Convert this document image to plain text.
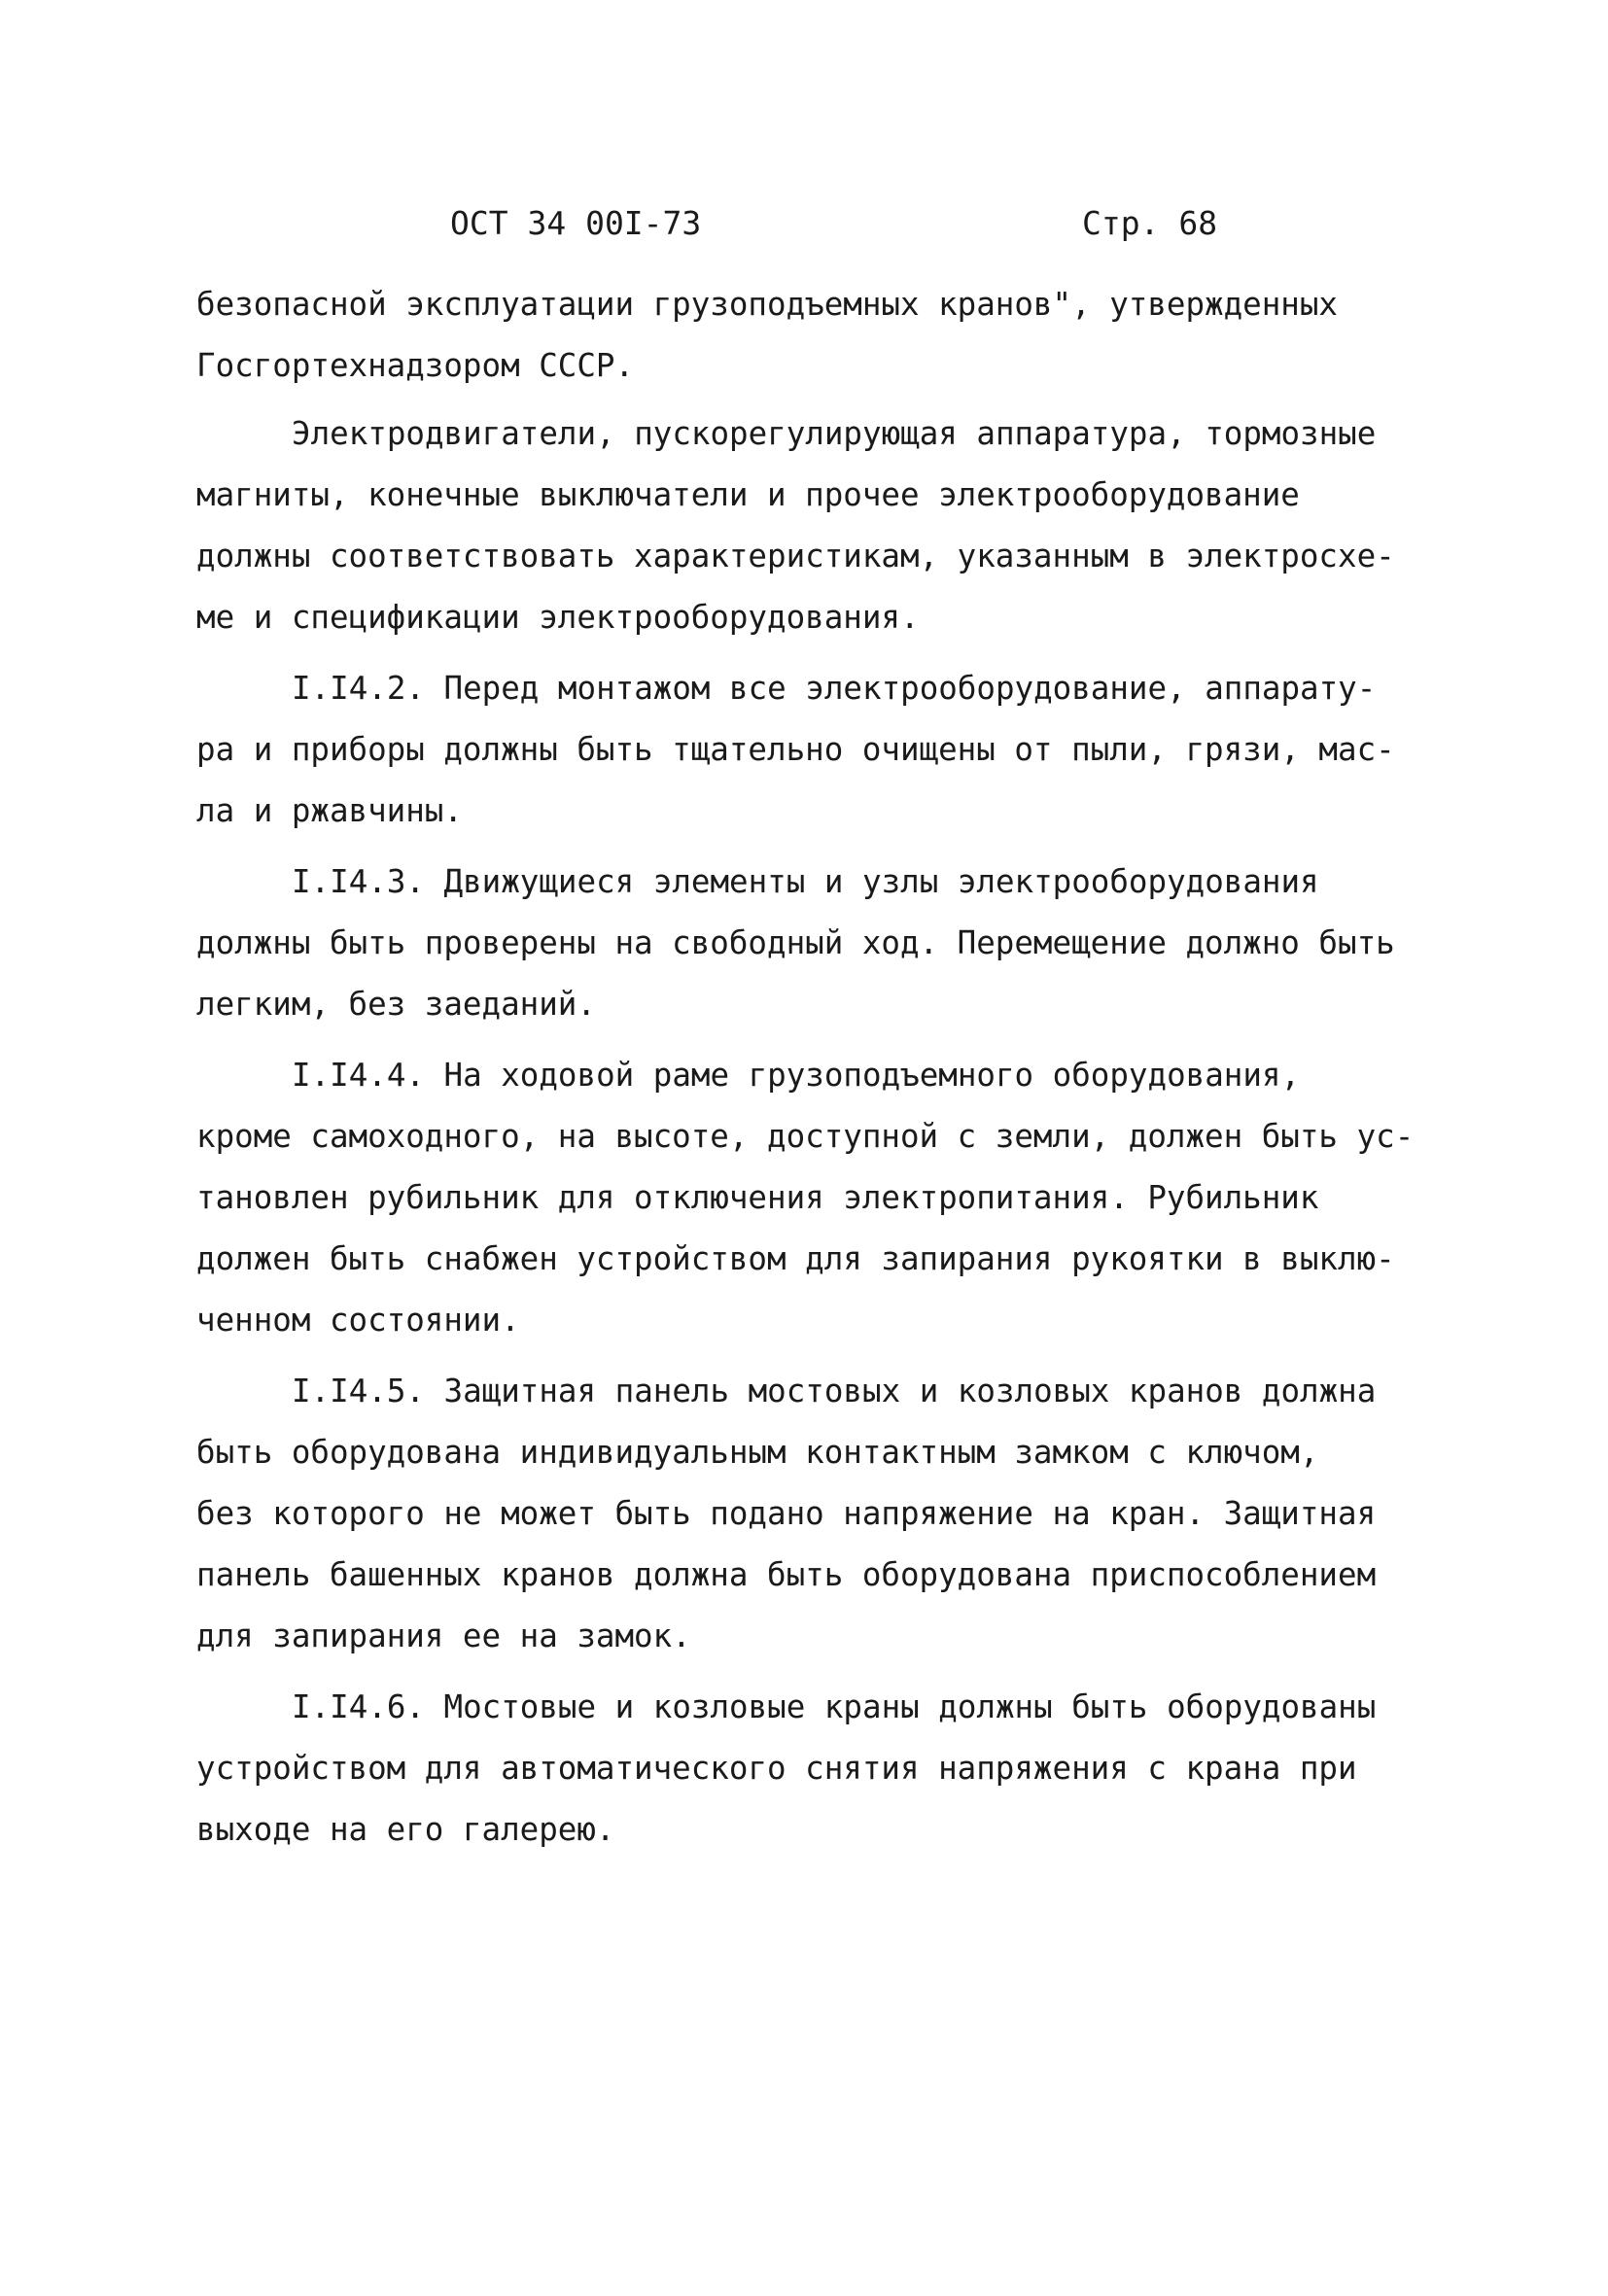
ОСТ 34 00I-73	Стр. 68
безопасной эксплуатации грузоподъемных кранов", утвержденных
Госгортехнадзором СССР.
Электродвигатели, пускорегулирующая аппаратура, тормозные
магниты, конечные выключатели и прочее электрооборудование
должны соответствовать характеристикам, указанным в электросхе-
ме и спецификации электрооборудования.
I.I4.2. Перед монтажом все электрооборудование, аппарату-
ра и приборы должны быть тщательно очищены от пыли, грязи, мас-
ла и ржавчины.
I.I4.3. Движущиеся элементы и узлы электрооборудования
должны быть проверены на свободный ход. Перемещение должно быть
легким, без заеданий.
I.I4.4. На ходовой раме грузоподъемного оборудования,
кроме самоходного, на высоте, доступной с земли, должен быть ус-
тановлен рубильник для отключения электропитания. Рубильник
должен быть снабжен устройством для запирания рукоятки в выклю-
ченном состоянии.
I.I4.5. Защитная панель мостовых и козловых кранов должна
быть оборудована индивидуальным контактным замком с ключом,
без которого не может быть подано напряжение на кран. Защитная
панель башенных кранов должна быть оборудована приспособлением
для запирания ее на замок.
I.I4.6. Мостовые и козловые краны должны быть оборудованы
устройством для автоматического снятия напряжения с крана при
выходе на его галерею.
